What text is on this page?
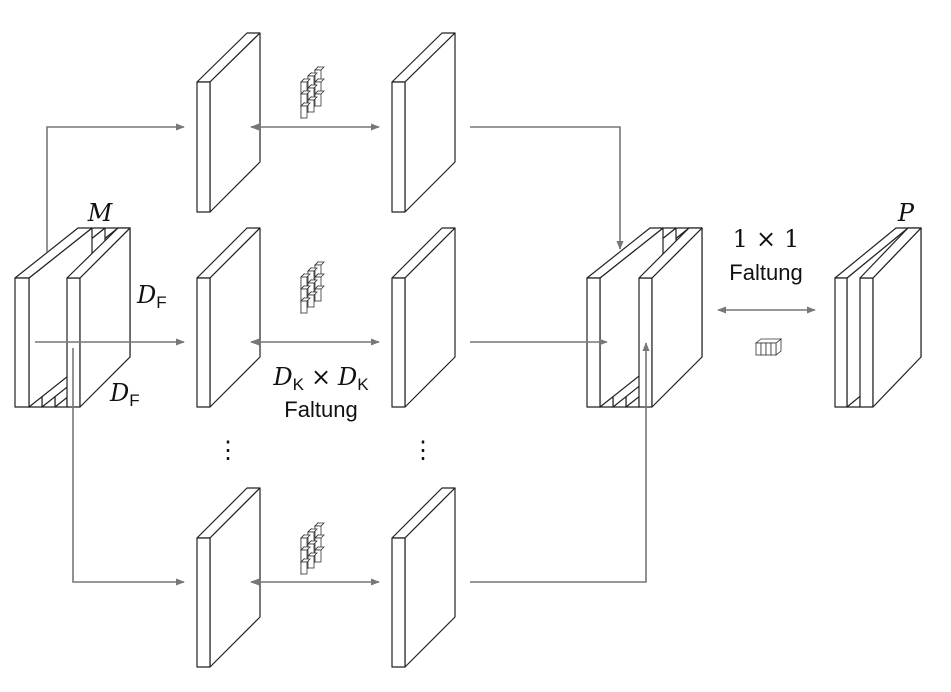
⋮	⋮
M
$D_F$
$D_F$
$D_K \times D_K$
Faltung
1 × 1
Faltung
P
